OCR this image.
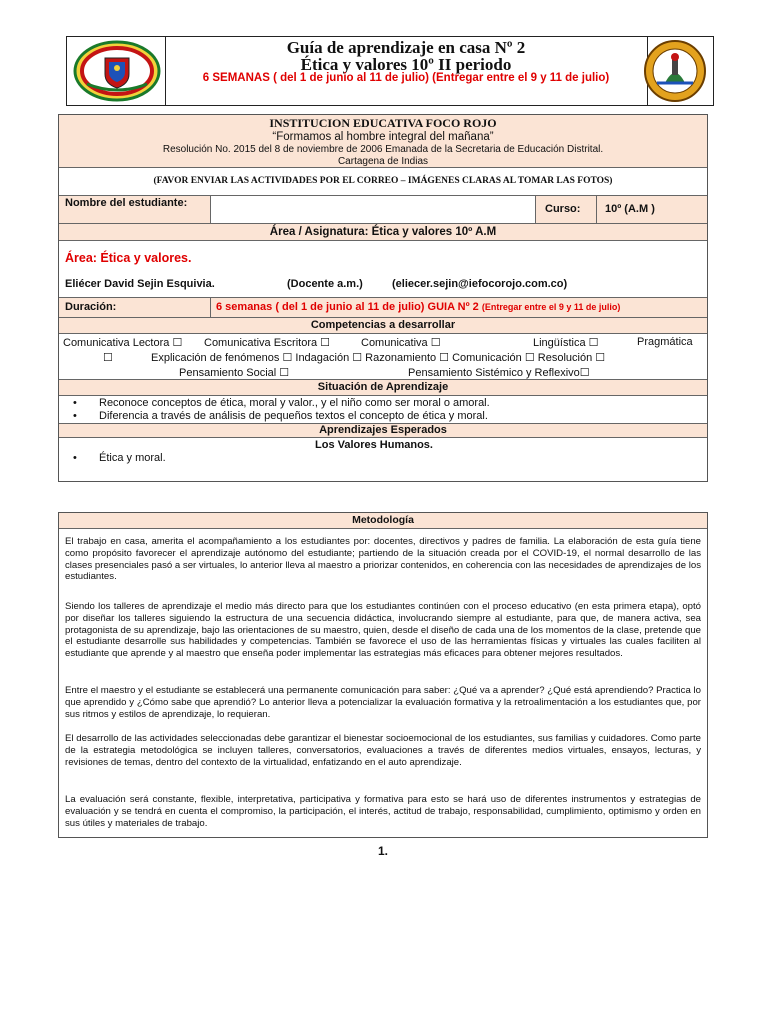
Guía de aprendizaje en casa Nº 2
Ética y valores 10º II periodo
6 SEMANAS ( del 1 de junio al 11 de julio) (Entregar entre el 9 y 11 de julio)
INSTITUCION EDUCATIVA FOCO ROJO
“Formamos al hombre integral del mañana”
Resolución No. 2015 del 8 de noviembre de 2006 Emanada de la Secretaria de Educación Distrital.
Cartagena de Indias
(FAVOR ENVIAR LAS ACTIVIDADES POR EL CORREO – IMÁGENES CLARAS AL TOMAR LAS FOTOS)
Nombre del estudiante:	Curso: 10º (A.M )
Área / Asignatura: Ética y valores 10º A.M
Área: Ética y valores.
Eliécer David Sejin Esquivia.	(Docente a.m.)	(eliecer.sejin@iefocorojo.com.co)
Duración:	6 semanas ( del 1 de junio al 11 de julio) GUIA Nº 2 (Entregar entre el 9 y 11 de julio)
Competencias a desarrollar
Comunicativa Lectora ☐ Comunicativa Escritora ☐	Comunicativa ☐	Lingüística ☐	Pragmática
☐	Explicación de fenómenos ☐ Indagación ☐ Razonamiento ☐ Comunicación ☐ Resolución ☐
Pensamiento Social ☐	Pensamiento Sistémico y Reflexivo☐
Situación de Aprendizaje
• Reconoce conceptos de ética, moral y valor., y el niño como ser moral o amoral.
• Diferencia a través de análisis de pequeños textos el concepto de ética y moral.
Aprendizajes Esperados
Los Valores Humanos.
• Ética y moral.
Metodología
El trabajo en casa, amerita el acompañamiento a los estudiantes por: docentes, directivos y padres de familia. La elaboración de esta guía tiene como propósito favorecer el aprendizaje autónomo del estudiante; partiendo de la situación creada por el COVID-19, el normal desarrollo de las clases presenciales pasó a ser virtuales, lo anterior lleva al maestro a priorizar contenidos, en coherencia con las necesidades de aprendizajes de los estudiantes.
Siendo los talleres de aprendizaje el medio más directo para que los estudiantes continúen con el proceso educativo (en esta primera etapa), optó por diseñar los talleres siguiendo la estructura de una secuencia didáctica, involucrando siempre al estudiante, para que, de manera activa, sea protagonista de su aprendizaje, bajo las orientaciones de su maestro, quien, desde el diseño de cada una de los momentos de la clase, pretende que el estudiante desarrolle sus habilidades y competencias. También se favorece el uso de las herramientas físicas y virtuales las cuales faciliten al estudiante que aprende y al maestro que enseña poder implementar las estrategias más eficaces para obtener mejores resultados.
Entre el maestro y el estudiante se establecerá una permanente comunicación para saber: ¿Qué va a aprender? ¿Qué está aprendiendo? Practica lo que aprendido y ¿Cómo sabe que aprendió? Lo anterior lleva a potencializar la evaluación formativa y la retroalimentación a los estudiantes que, por sus ritmos y estilos de aprendizaje, lo requieran.
El desarrollo de las actividades seleccionadas debe garantizar el bienestar socioemocional de los estudiantes, sus familias y cuidadores. Como parte de la estrategia metodológica se incluyen talleres, conversatorios, evaluaciones a través de diferentes medios virtuales, ensayos, lecturas, y revisiones de temas, dentro del contexto de la virtualidad, enfatizando en el auto aprendizaje.
La evaluación será constante, flexible, interpretativa, participativa y formativa para esto se hará uso de diferentes instrumentos y estrategias de evaluación y se tendrá en cuenta el compromiso, la participación, el interés, actitud de trabajo, responsabilidad, cumplimiento, optimismo y orden en sus útiles y materiales de trabajo.
1.
